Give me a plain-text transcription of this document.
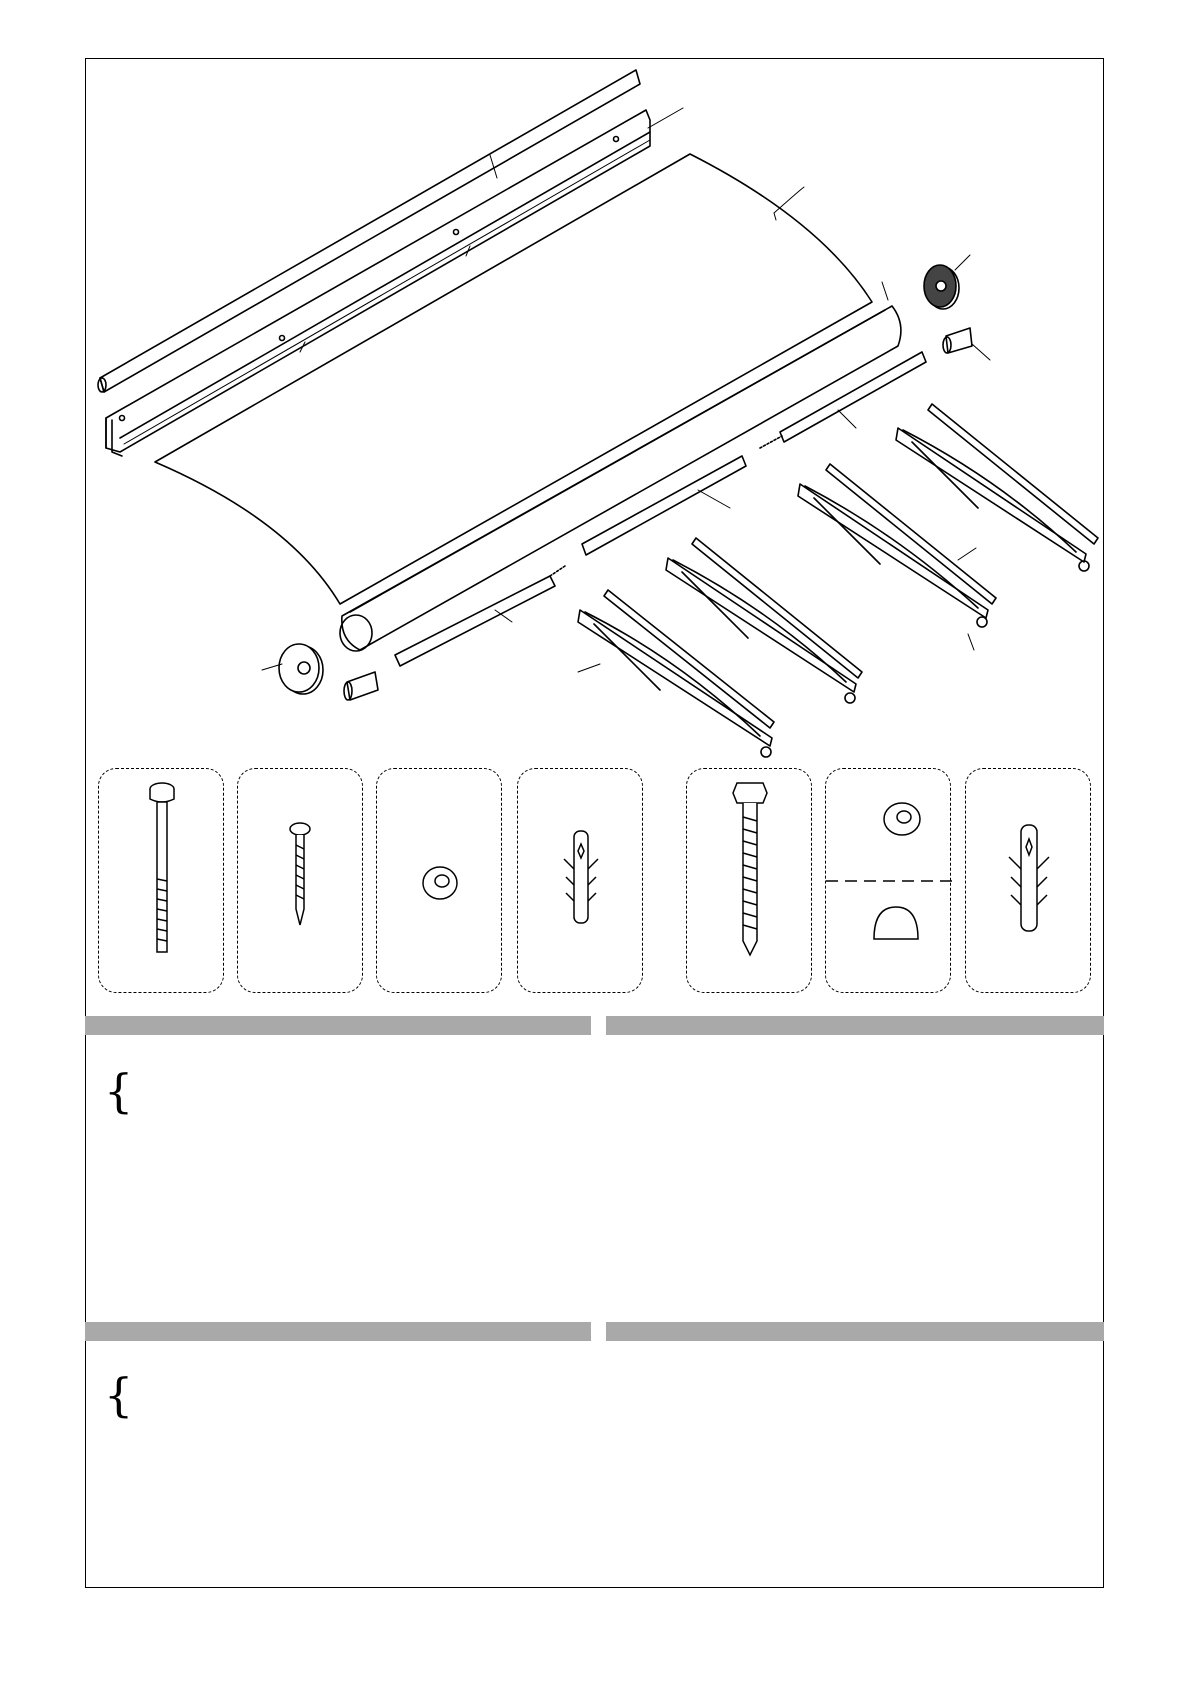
{
{
